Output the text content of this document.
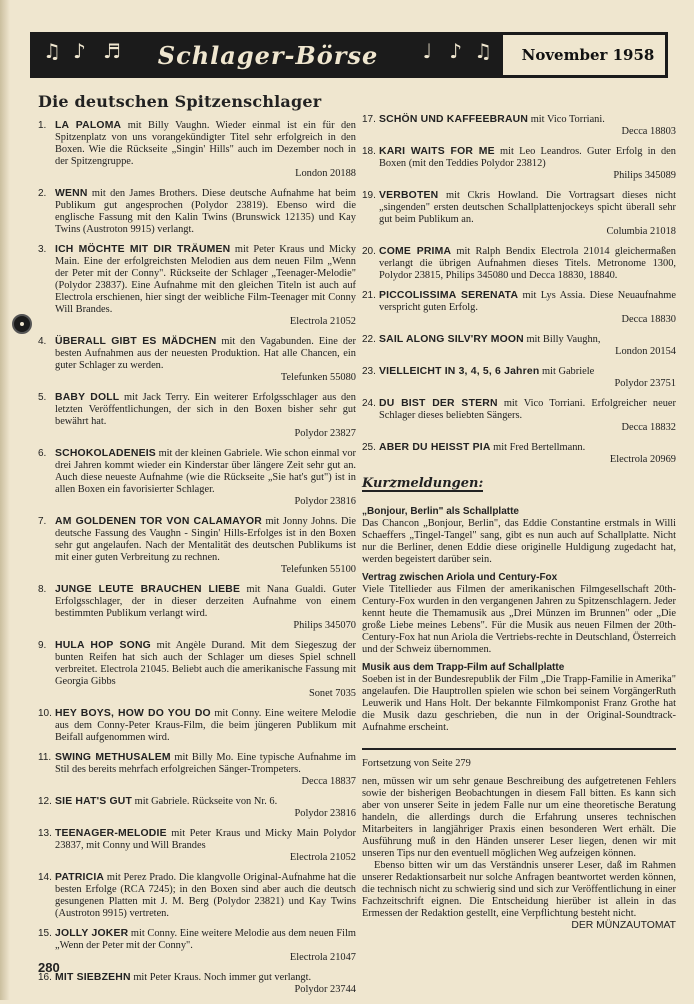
♫ ♪ ♬ Schlager-Börse ♩ ♪ ♫	November 1958
Die deutschen Spitzenschlager
1. LA PALOMA mit Billy Vaughn. Wieder einmal ist ein für den Spitzenplatz von uns vorangekündigter Titel sehr erfolgreich in den Boxen. Wie die Rückseite „Singin' Hills" auch im Dezember noch in der Spitzengruppe.
London 20188
2. WENN mit den James Brothers. Diese deutsche Aufnahme hat beim Publikum gut angesprochen (Polydor 23819). Ebenso wird die englische Fassung mit den Kalin Twins (Brunswick 12135) und Kay Twins (Austroton 9915) verlangt.
3. ICH MÖCHTE MIT DIR TRÄUMEN mit Peter Kraus und Micky Main. Eine der erfolgreichsten Melodien aus dem neuen Film „Wenn der Peter mit der Conny". Rückseite der Schlager „Teenager-Melodie" (Polydor 23837). Eine Aufnahme mit den gleichen Titeln ist auch auf Electrola erschienen, hier singt der weibliche Film-Teenager mit Conny Will Brandes.
Electrola 21052
4. ÜBERALL GIBT ES MÄDCHEN mit den Vagabunden. Eine der besten Aufnahmen aus der neuesten Produktion. Hat alle Chancen, ein guter Schlager zu werden.
Telefunken 55080
5. BABY DOLL mit Jack Terry. Ein weiterer Erfolgsschlager aus den letzten Veröffentlichungen, der sich in den Boxen bisher sehr gut bewährt hat.
Polydor 23827
6. SCHOKOLADENEIS mit der kleinen Gabriele. Wie schon einmal vor drei Jahren kommt wieder ein Kinderstar über längere Zeit sehr gut an. Auch diese neueste Aufnahme (wie die Rückseite „Sie hat's gut") ist in allen Boxen ein favorisierter Schlager.
Polydor 23816
7. AM GOLDENEN TOR VON CALAMAYOR mit Jonny Johns. Die deutsche Fassung des Vaughn - Singin' Hills-Erfolges ist in den Boxen sehr gut angelaufen. Nach der Mentalität des deutschen Publikums ist mit einer guten Verbreitung zu rechnen.
Telefunken 55100
8. JUNGE LEUTE BRAUCHEN LIEBE mit Nana Gualdi. Guter Erfolgsschlager, der in dieser derzeiten Aufnahme von einem bestimmten Publikum verlangt wird.
Philips 345070
9. HULA HOP SONG mit Angèle Durand. Mit dem Siegeszug der bunten Reifen hat sich auch der Schlager um dieses Spiel schnell verbreitet. Electrola 21045. Beliebt auch die amerikanische Fassung mit Georgia Gibbs
Sonet 7035
10. HEY BOYS, HOW DO YOU DO mit Conny. Eine weitere Melodie aus dem Conny-Peter Kraus-Film, die beim jüngeren Publikum mit Beifall aufgenommen wird.
11. SWING METHUSALEM mit Billy Mo. Eine typische Aufnahme im Stil des bereits mehrfach erfolgreichen Sänger-Trompeters.
Decca 18837
12. SIE HAT'S GUT mit Gabriele. Rückseite von Nr. 6.
Polydor 23816
13. TEENAGER-MELODIE mit Peter Kraus und Micky Main Polydor 23837, mit Conny und Will Brandes
Electrola 21052
14. PATRICIA mit Perez Prado. Die klangvolle Original-Aufnahme hat die besten Erfolge (RCA 7245); in den Boxen sind aber auch die deutsch gesungenen Platten mit J. M. Berg (Polydor 23821) und Kay Twins (Austroton 9915) vertreten.
15. JOLLY JOKER mit Conny. Eine weitere Melodie aus dem neuen Film „Wenn der Peter mit der Conny".
Electrola 21047
16. MIT SIEBZEHN mit Peter Kraus. Noch immer gut verlangt.
Polydor 23744
17. SCHÖN UND KAFFEEBRAUN mit Vico Torriani.
Decca 18803
18. KARI WAITS FOR ME mit Leo Leandros. Guter Erfolg in den Boxen (mit den Teddies Polydor 23812)
Philips 345089
19. VERBOTEN mit Ckris Howland. Die Vortragsart dieses nicht „singenden" ersten deutschen Schallplattenjockeys spicht überall sehr gut beim Publikum an.
Columbia 21018
20. COME PRIMA mit Ralph Bendix Electrola 21014 gleichermaßen verlangt die übrigen Aufnahmen dieses Titels. Metronome 1300, Polydor 23815, Philips 345080 und Decca 18830, 18840.
21. PICCOLISSIMA SERENATA mit Lys Assia. Diese Neuaufnahme verspricht guten Erfolg.
Decca 18830
22. SAIL ALONG SILV'RY MOON mit Billy Vaughn,
London 20154
23. VIELLEICHT IN 3, 4, 5, 6 Jahren mit Gabriele
Polydor 23751
24. DU BIST DER STERN mit Vico Torriani. Erfolgreicher neuer Schlager dieses beliebten Sängers.
Decca 18832
25. ABER DU HEISST PIA mit Fred Bertellmann.
Electrola 20969
Kurzmeldungen:
„Bonjour, Berlin" als Schallplatte
Das Chancon „Bonjour, Berlin", das Eddie Constantine erstmals in Willi Schaeffers „Tingel-Tangel" sang, gibt es nun auch auf Schallplatte. Nicht nur die Berliner, denen Eddie diese originelle Huldigung zugedacht hat, werden begeistert darüber sein.
Vertrag zwischen Ariola und Century-Fox
Viele Titellieder aus Filmen der amerikanischen Filmgesellschaft 20th-Century-Fox wurden in den vergangenen Jahren zu Spitzenschlagern. Jeder kennt heute die Themamusik aus „Drei Münzen im Brunnen" oder „Die große Liebe meines Lebens". Für die Musik aus neuen Filmen der 20th-Century-Fox hat nun Ariola die Vertriebs-rechte in Deutschland, Österreich und der Schweiz übernommen.
Musik aus dem Trapp-Film auf Schallplatte
Soeben ist in der Bundesrepublik der Film „Die Trapp-Familie in Amerika" angelaufen. Die Hauptrollen spielen wie schon bei seinem VorgängerRuth Leuwerik und Hans Holt. Der bekannte Filmkomponist Franz Grothe hat die Musik dazu geschrieben, die nun in der Original-Soundtrack-Aufnahme erscheint.
Fortsetzung von Seite 279
nen, müssen wir um sehr genaue Beschreibung des aufgetretenen Fehlers sowie der bisherigen Beobachtungen in diesem Fall bitten. Es kann sich aber von unserer Seite in jedem Falle nur um eine theoretische Beratung handeln, die allerdings durch die Erfahrung unseres technischen Mitarbeiters in langjähriger Praxis einen besonderen Wert erhält. Die Ausführung muß in den Händen unserer Leser liegen, denen wir mit unseren Tips nur den eventuell möglichen Weg aufzeigen können.
Ebenso bitten wir um das Verständnis unserer Leser, daß im Rahmen unserer Redaktionsarbeit nur solche Anfragen beantwortet werden können, die technisch nicht zu schwierig sind und sich zur Veröffentlichung in einer Fachzeitschrift eignen. Die Entscheidung hierüber ist allein in das Ermessen der Redaktion gestellt, eine Verpflichtung besteht nicht.
DER MÜNZAUTOMAT
280
